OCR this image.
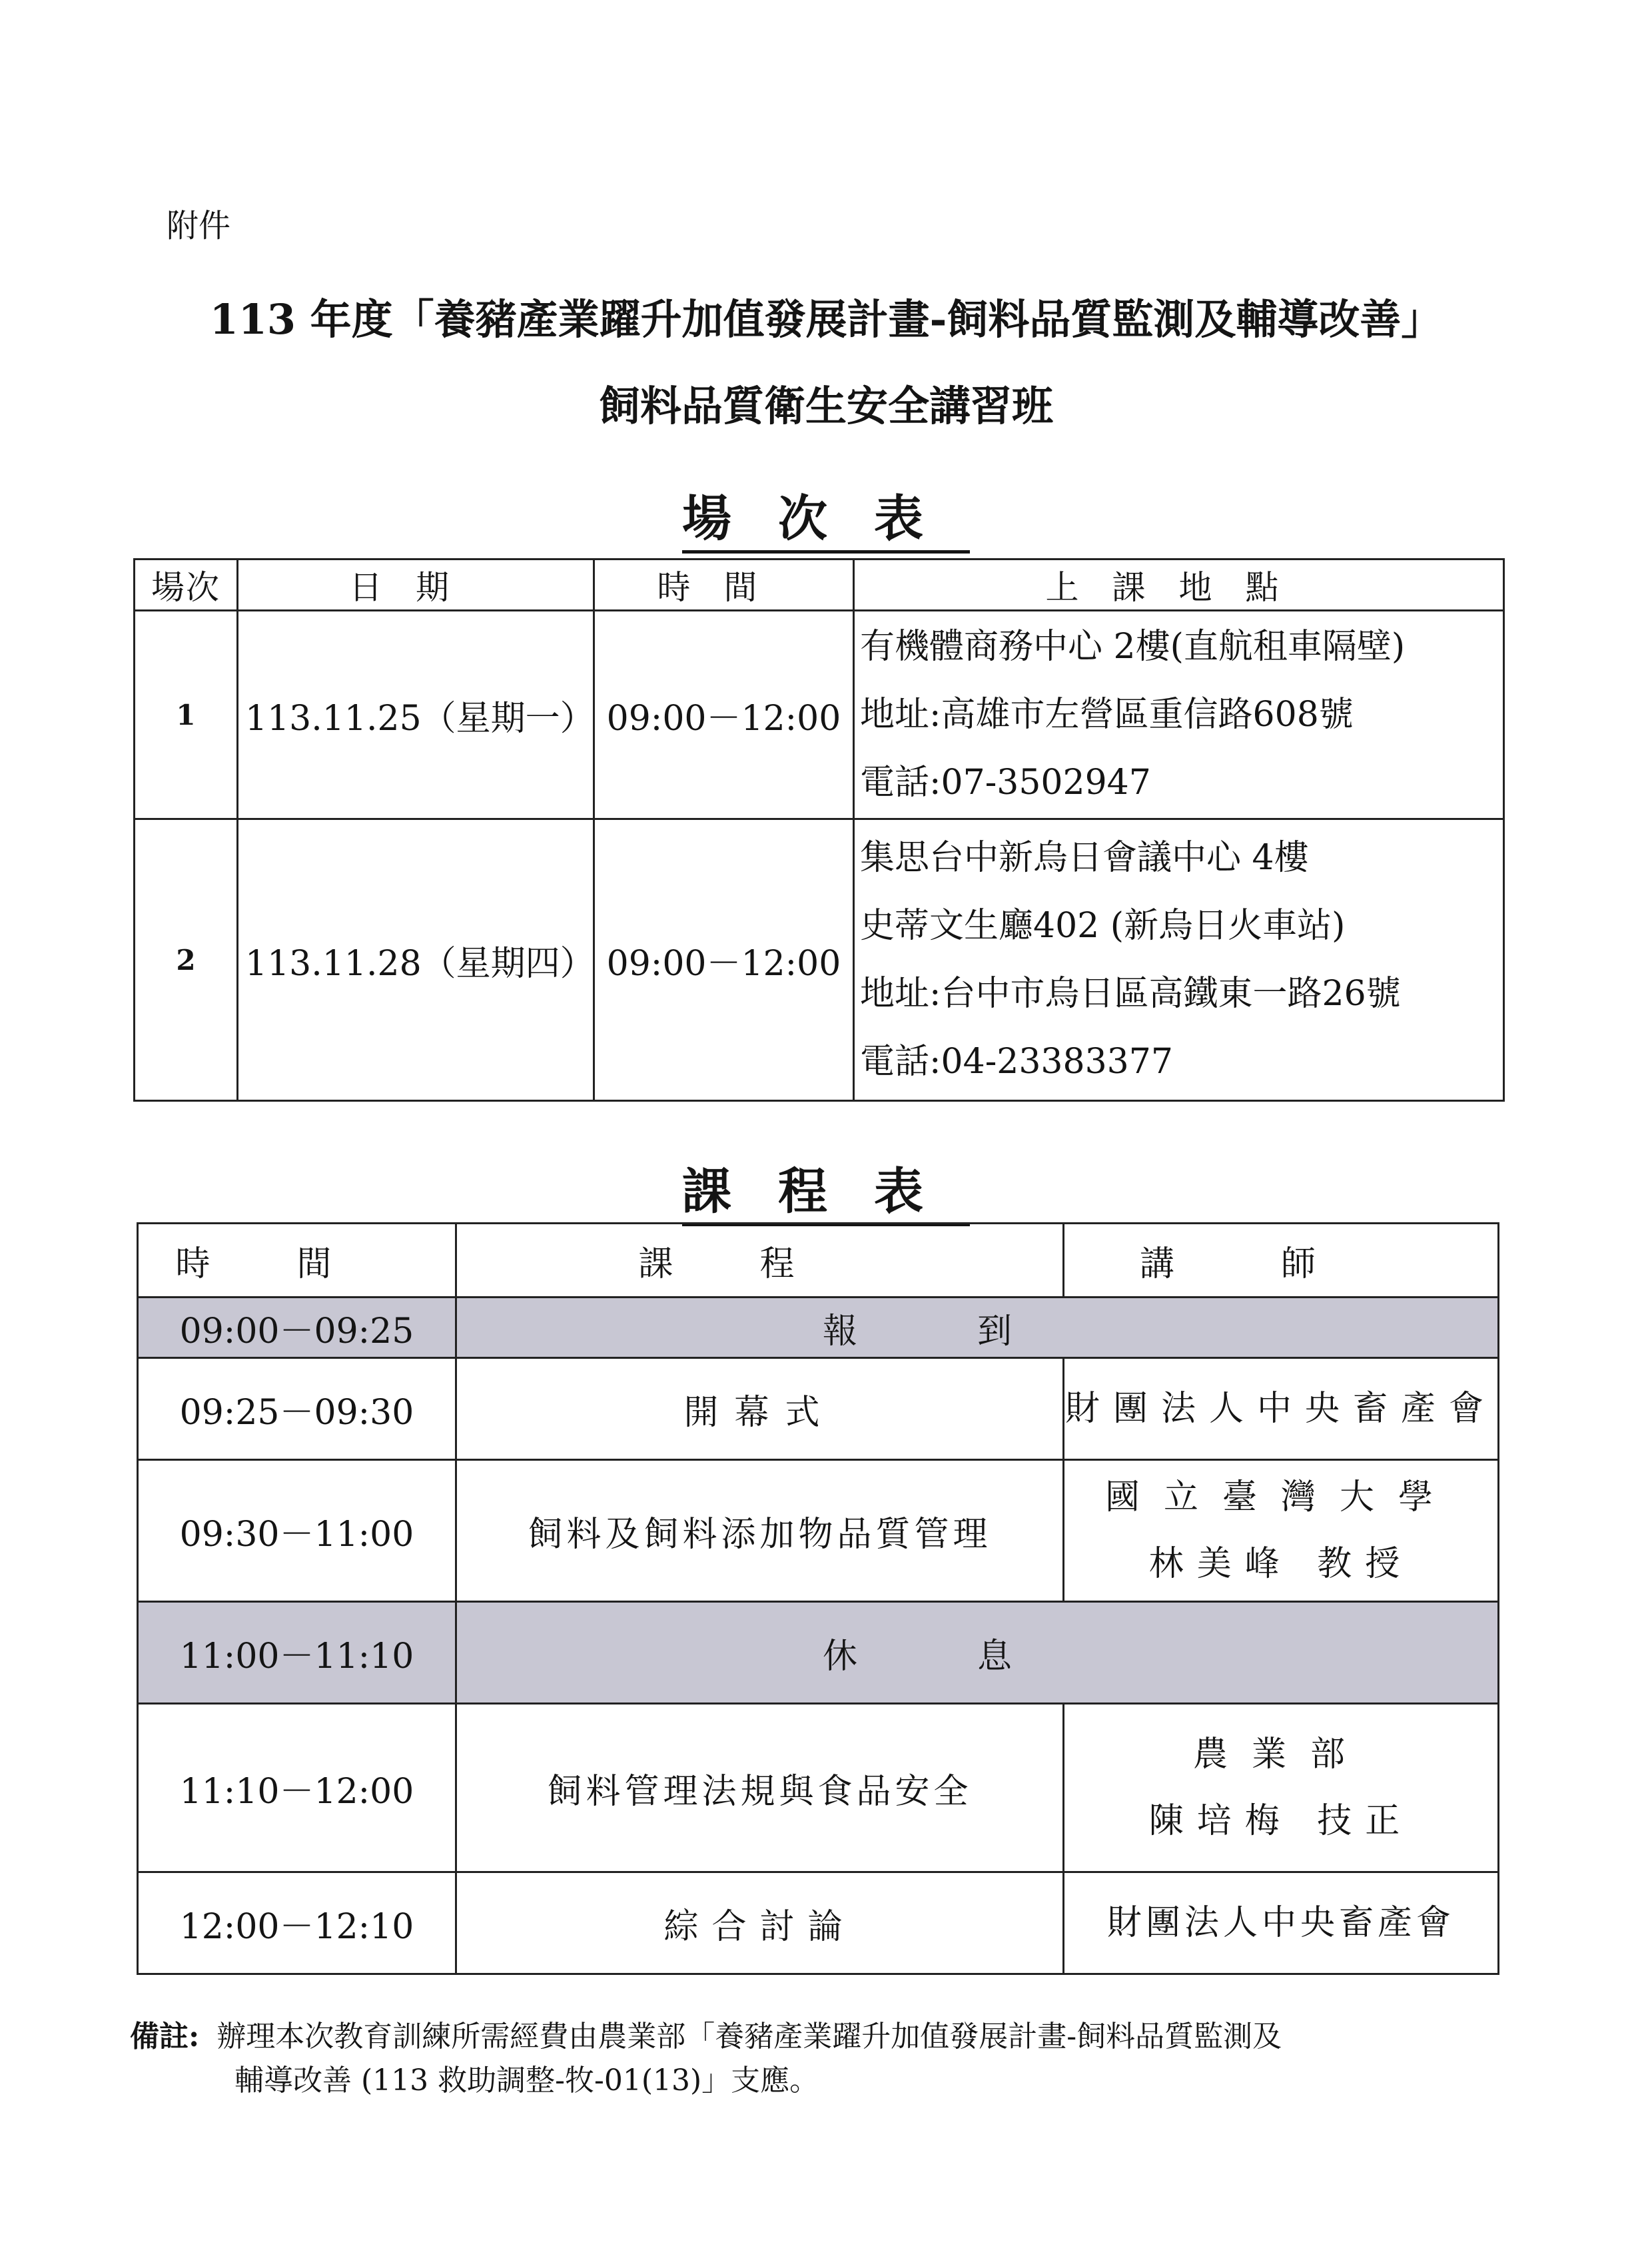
附件
113 年度「養豬產業躍升加值發展計畫-飼料品質監測及輔導改善」
飼料品質衛生安全講習班
場次表
場次	日期	時間	上課地點
1	113.11.25（星期一）	09:00－12:00	有機體商務中心 2樓(直航租車隔壁)
地址:高雄市左營區重信路608號
電話:07-3502947

2	113.11.28（星期四）	09:00－12:00	集思台中新烏日會議中心 4樓
史蒂文生廳402 (新烏日火車站)
地址:台中市烏日區高鐵東一路26號
電話:04-23383377
課程表
時間	課程	講師
09:00－09:25	報到	
09:25－09:30	開幕式	財團法人中央畜產會

09:30－11:00	飼料及飼料添加物品質管理	國立臺灣大學
林美峰 教授

11:00－11:10	休息	
11:10－12:00	飼料管理法規與食品安全	農業部
陳培梅 技正

12:00－12:10	綜合討論	財團法人中央畜產會
備註: 辦理本次教育訓練所需經費由農業部「養豬產業躍升加值發展計畫-飼料品質監測及
輔導改善 (113 救助調整-牧-01(13)」支應。
